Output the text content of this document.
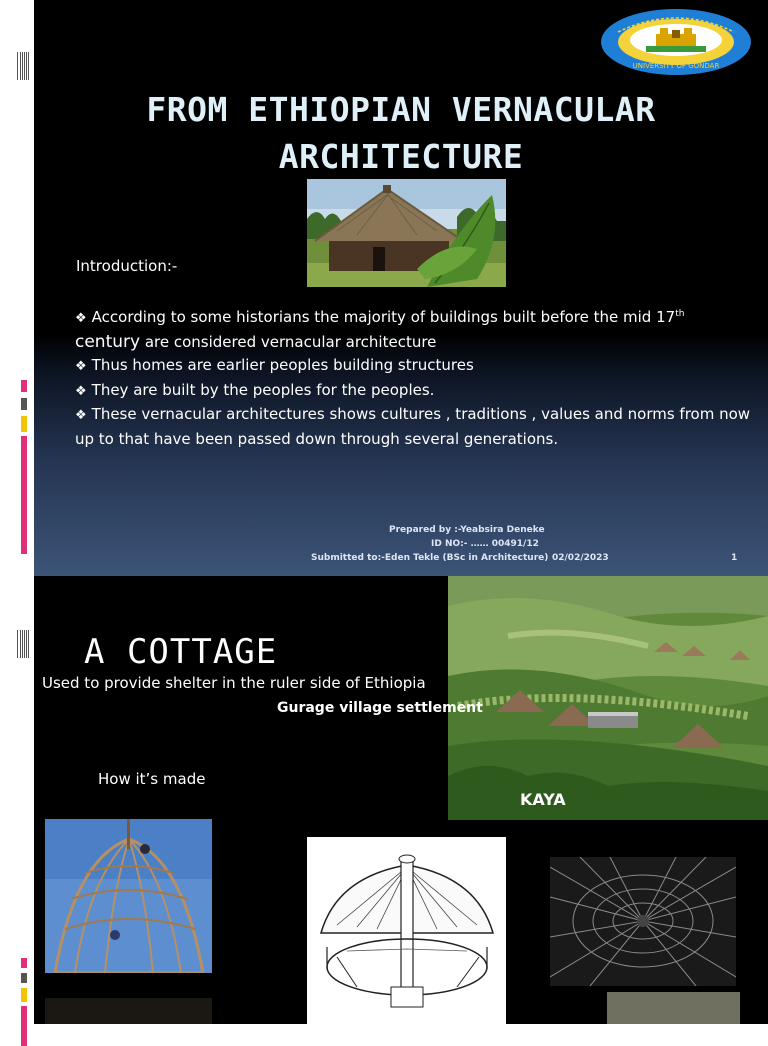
UNIVERSITY OF GONDAR
FROM ETHIOPIAN VERNACULAR
ARCHITECTURE
Introduction:-

❖ According to some historians the majority of buildings built before the mid 17th
century are considered vernacular architecture

❖ Thus homes are earlier peoples building structures

❖ They are built by the peoples for the peoples.

❖ These vernacular architectures shows cultures , traditions , values and norms from now up to that have been passed down through several generations.

Prepared by :-Yeabsira Deneke
ID NO:- …… 00491/12
Submitted to:-Eden Tekle (BSc in Architecture) 02/02/2023	1
A COTTAGE
Used to provide shelter in the ruler side of Ethiopia
Gurage village settlement
KAYA
How it’s made
